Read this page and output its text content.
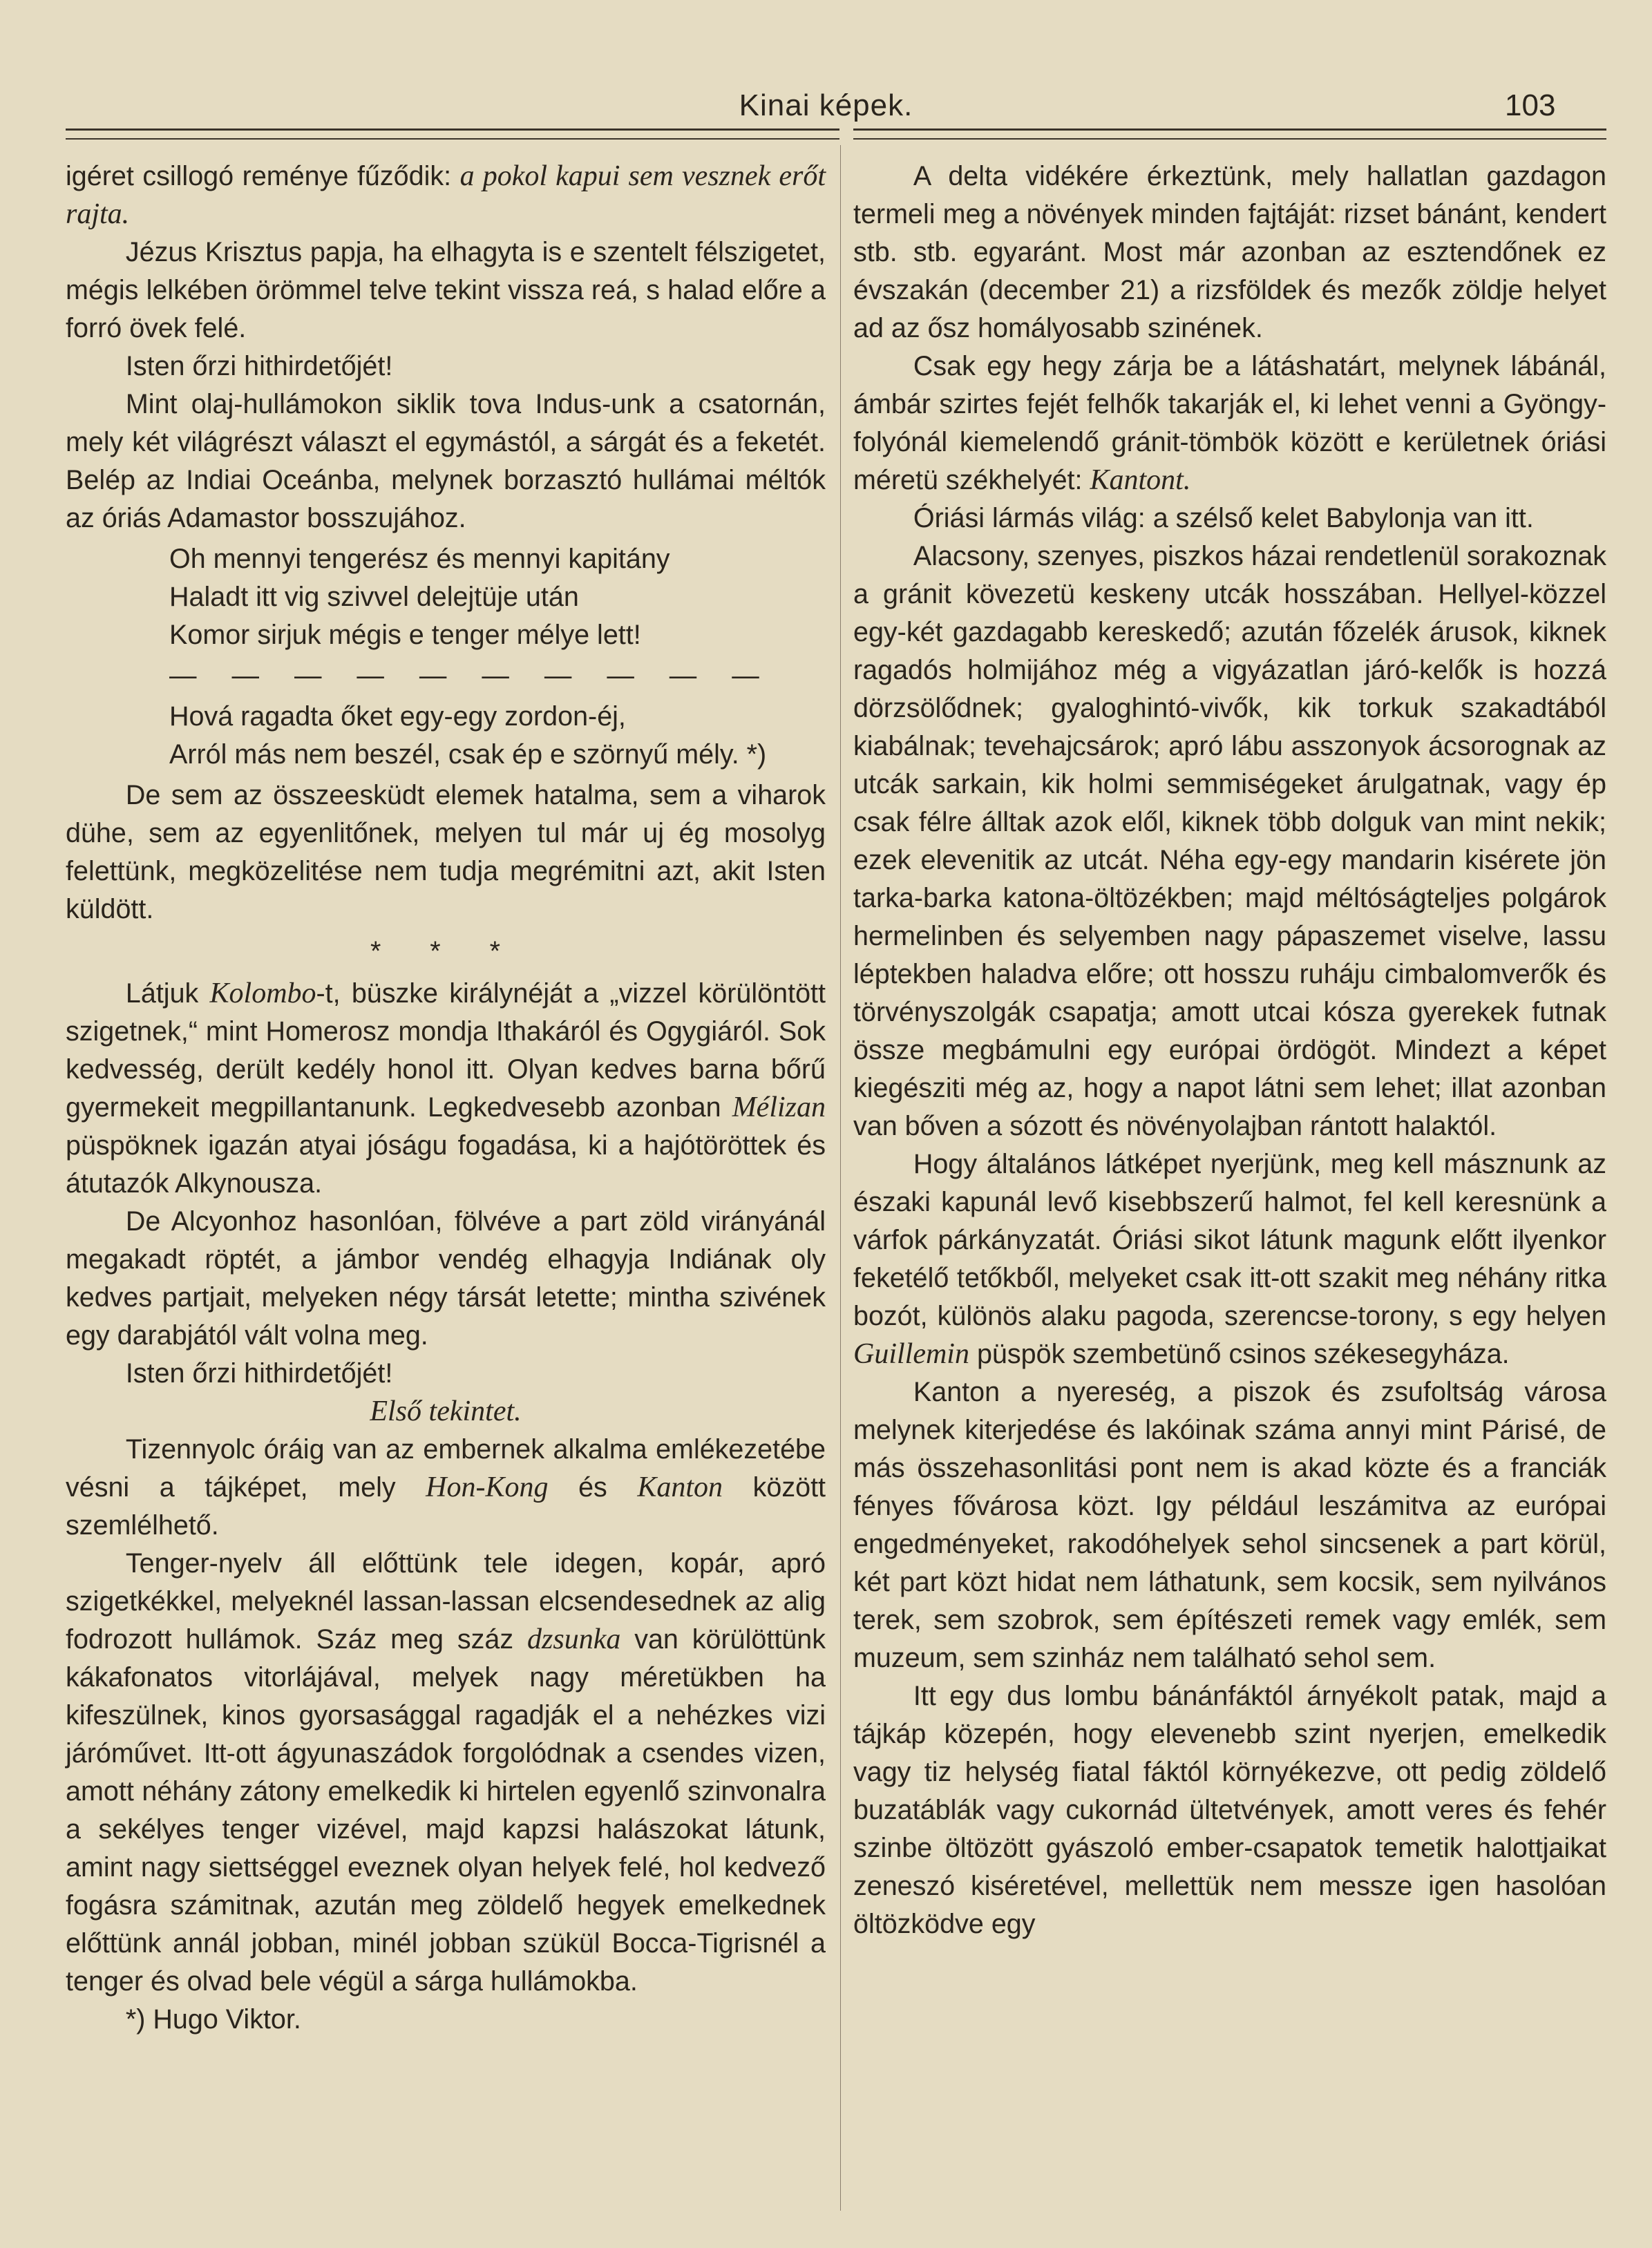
Kinai képek.	103

igéret csillogó reménye fűződik: a pokol kapui sem vesznek erőt rajta.

Jézus Krisztus papja, ha elhagyta is e szentelt félszigetet, mégis lelkében örömmel telve tekint vissza reá, s halad előre a forró övek felé.

Isten őrzi hithirdetőjét!

Mint olaj-hullámokon siklik tova Indus-unk a csatornán, mely két világrészt választ el egymástól, a sárgát és a feketét. Belép az Indiai Oceánba, melynek borzasztó hullámai méltók az óriás Adamastor bosszujához.

Oh mennyi tengerész és mennyi kapitány
Haladt itt vig szivvel delejtüje után
Komor sirjuk mégis e tenger mélye lett!
— — — — — — — — — —
Hová ragadta őket egy-egy zordon-éj,
Arról más nem beszél, csak ép e szörnyű mély. *)

De sem az összeesküdt elemek hatalma, sem a viharok dühe, sem az egyenlitőnek, melyen tul már uj ég mosolyg felettünk, megközelitése nem tudja megrémitni azt, akit Isten küldött.

* * *

Látjuk Kolombo-t, büszke királynéját a „vizzel körülöntött szigetnek,“ mint Homerosz mondja Ithakáról és Ogygiáról. Sok kedvesség, derült kedély honol itt. Olyan kedves barna bőrű gyermekeit megpillantanunk. Legkedvesebb azonban Mélizan püspöknek igazán atyai jóságu fogadása, ki a hajótöröttek és átutazók Alkynousza.

De Alcyonhoz hasonlóan, fölvéve a part zöld virányánál megakadt röptét, a jámbor vendég elhagyja Indiának oly kedves partjait, melyeken négy társát letette; mintha szivének egy darabjától vált volna meg.

Isten őrzi hithirdetőjét!

Első tekintet.

Tizennyolc óráig van az embernek alkalma emlékezetébe vésni a tájképet, mely Hon-Kong és Kanton között szemlélhető.

Tenger-nyelv áll előttünk tele idegen, kopár, apró szigetkékkel, melyeknél lassan-lassan elcsendesednek az alig fodrozott hullámok. Száz meg száz dzsunka van körülöttünk kákafonatos vitorlájával, melyek nagy méretükben ha kifeszülnek, kinos gyorsasággal ragadják el a nehézkes vizi járóművet. Itt-ott ágyunaszádok forgolódnak a csendes vizen, amott néhány zátony emelkedik ki hirtelen egyenlő szinvonalra a sekélyes tenger vizével, majd kapzsi halászokat látunk, amint nagy siettséggel eveznek olyan helyek felé, hol kedvező fogásra számitnak, azután meg zöldelő hegyek emelkednek előttünk annál jobban, minél jobban szükül Bocca-Tigrisnél a tenger és olvad bele végül a sárga hullámokba.

*) Hugo Viktor.

A delta vidékére érkeztünk, mely hallatlan gazdagon termeli meg a növények minden fajtáját: rizset bánánt, kendert stb. stb. egyaránt. Most már azonban az esztendőnek ez évszakán (december 21) a rizsföldek és mezők zöldje helyet ad az ősz homályosabb szinének.

Csak egy hegy zárja be a látáshatárt, melynek lábánál, ámbár szirtes fejét felhők takarják el, ki lehet venni a Gyöngy-folyónál kiemelendő gránit-tömbök között e kerületnek óriási méretü székhelyét: Kantont.

Óriási lármás világ: a szélső kelet Babylonja van itt.

Alacsony, szenyes, piszkos házai rendetlenül sorakoznak a gránit kövezetü keskeny utcák hosszában. Hellyel-közzel egy-két gazdagabb kereskedő; azután főzelék árusok, kiknek ragadós holmijához még a vigyázatlan járó-kelők is hozzá dörzsölődnek; gyaloghintó-vivők, kik torkuk szakadtából kiabálnak; tevehajcsárok; apró lábu asszonyok ácsorognak az utcák sarkain, kik holmi semmiségeket árulgatnak, vagy ép csak félre álltak azok elől, kiknek több dolguk van mint nekik; ezek elevenitik az utcát. Néha egy-egy mandarin kisérete jön tarka-barka katona-öltözékben; majd méltóságteljes polgárok hermelinben és selyemben nagy pápaszemet viselve, lassu léptekben haladva előre; ott hosszu ruháju cimbalomverők és törvényszolgák csapatja; amott utcai kósza gyerekek futnak össze megbámulni egy európai ördögöt. Mindezt a képet kiegésziti még az, hogy a napot látni sem lehet; illat azonban van bőven a sózott és növényolajban rántott halaktól.

Hogy általános látképet nyerjünk, meg kell másznunk az északi kapunál levő kisebbszerű halmot, fel kell keresnünk a várfok párkányzatát. Óriási sikot látunk magunk előtt ilyenkor feketélő tetőkből, melyeket csak itt-ott szakit meg néhány ritka bozót, különös alaku pagoda, szerencse-torony, s egy helyen Guillemin püspök szembetünő csinos székesegyháza.

Kanton a nyereség, a piszok és zsufoltság városa melynek kiterjedése és lakóinak száma annyi mint Párisé, de más összehasonlitási pont nem is akad közte és a franciák fényes fővárosa közt. Igy például leszámitva az európai engedményeket, rakodóhelyek sehol sincsenek a part körül, két part közt hidat nem láthatunk, sem kocsik, sem nyilvános terek, sem szobrok, sem építészeti remek vagy emlék, sem muzeum, sem szinház nem található sehol sem.

Itt egy dus lombu bánánfáktól árnyékolt patak, majd a tájkáp közepén, hogy elevenebb szint nyerjen, emelkedik vagy tiz helység fiatal fáktól környékezve, ott pedig zöldelő buzatáblák vagy cukornád ültetvények, amott veres és fehér szinbe öltözött gyászoló ember-csapatok temetik halottjaikat zeneszó kiséretével, mellettük nem messze igen hasolóan öltözködve egy
